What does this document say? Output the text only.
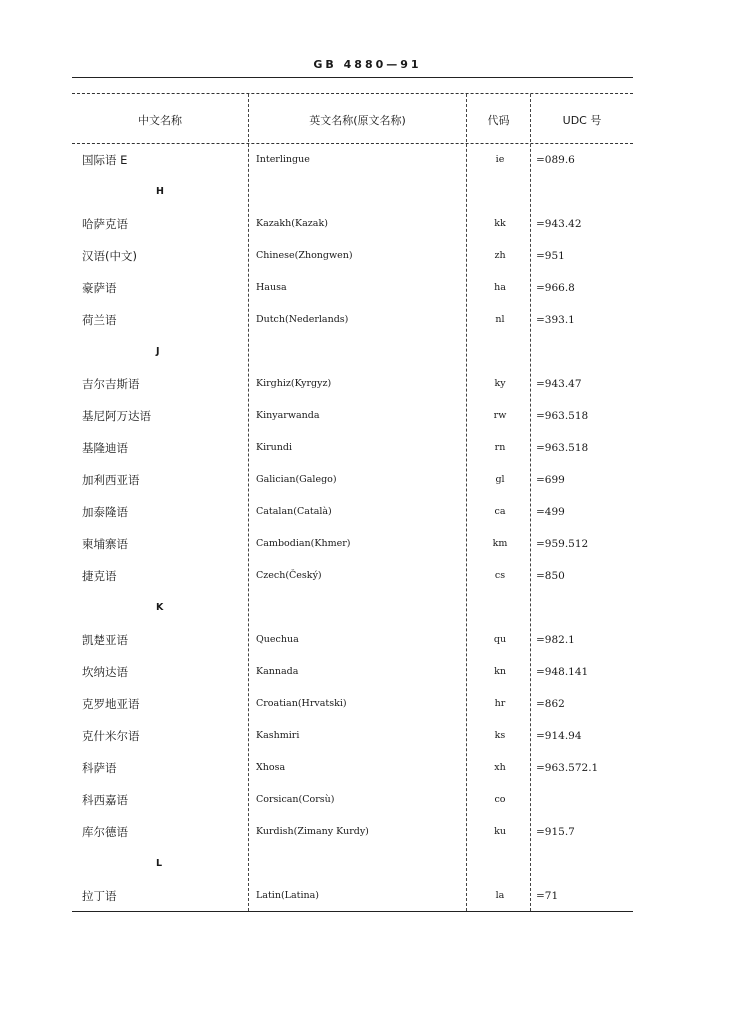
GB 4880—91
中文名称	英文名称(原文名称)	代码	UDC 号
国际语 E	Interlingue	ie	=089.6
H
哈萨克语	Kazakh(Kazak)	kk	=943.42
汉语(中文)	Chinese(Zhongwen)	zh	=951
豪萨语	Hausa	ha	=966.8
荷兰语	Dutch(Nederlands)	nl	=393.1
J
吉尔吉斯语	Kirghiz(Kyrgyz)	ky	=943.47
基尼阿万达语	Kinyarwanda	rw	=963.518
基隆迪语	Kirundi	rn	=963.518
加利西亚语	Galician(Galego)	gl	=699
加泰隆语	Catalan(Català)	ca	=499
柬埔寨语	Cambodian(Khmer)	km	=959.512
捷克语	Czech(Český)	cs	=850
K
凯楚亚语	Quechua	qu	=982.1
坎纳达语	Kannada	kn	=948.141
克罗地亚语	Croatian(Hrvatski)	hr	=862
克什米尔语	Kashmiri	ks	=914.94
科萨语	Xhosa	xh	=963.572.1
科西嘉语	Corsican(Corsù)	co
库尔德语	Kurdish(Zimany Kurdy)	ku	=915.7
L
拉丁语	Latin(Latina)	la	=71
